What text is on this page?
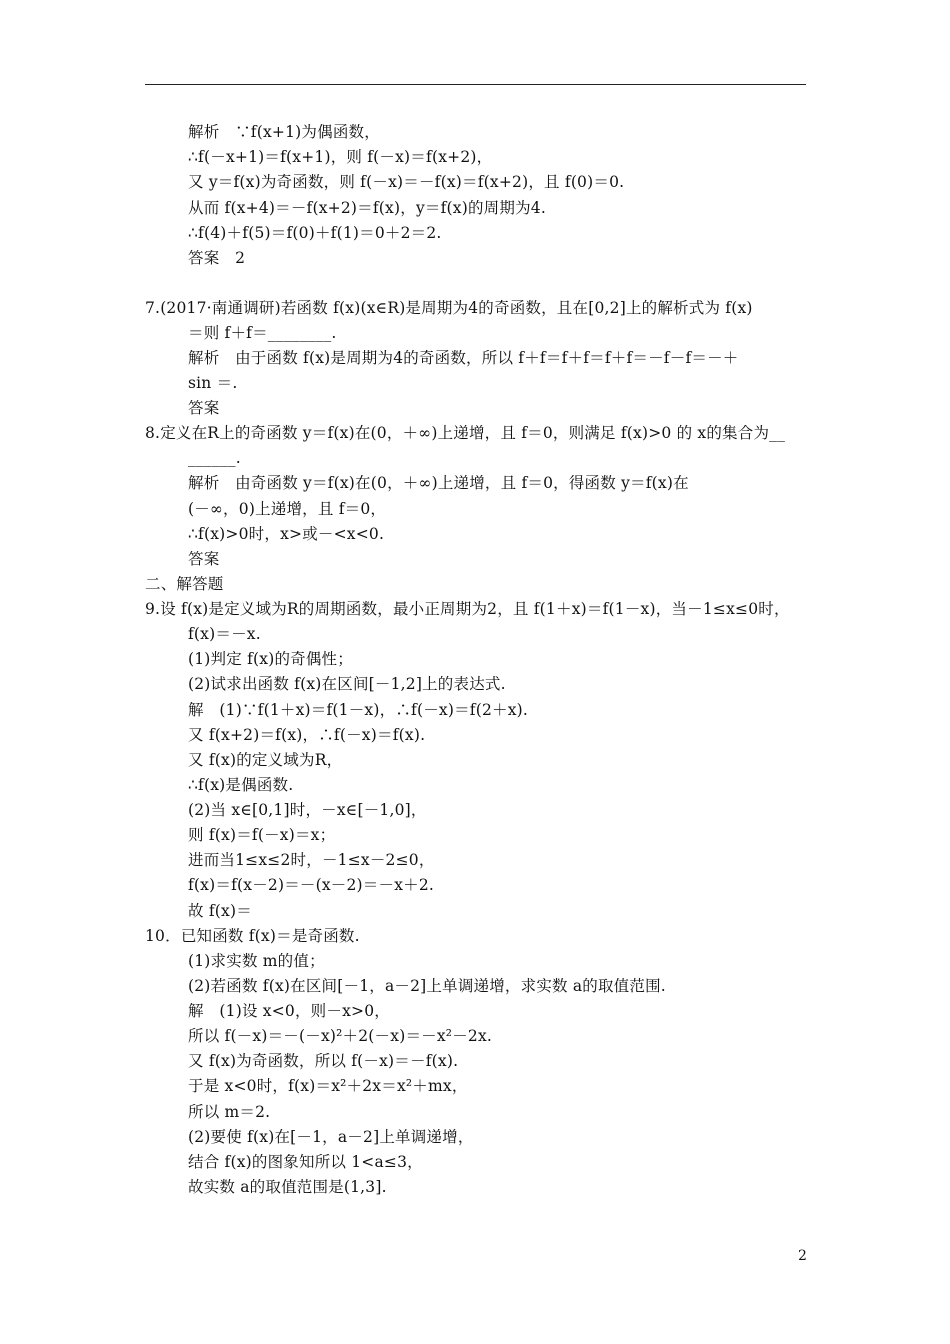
解析　∵f(x+1)为偶函数，
∴f(－x+1)＝f(x+1)，则 f(－x)＝f(x+2)，
又 y＝f(x)为奇函数，则 f(－x)＝－f(x)＝f(x+2)，且 f(0)＝0.
从而 f(x+4)＝－f(x+2)＝f(x)，y＝f(x)的周期为4.
∴f(4)＋f(5)＝f(0)＋f(1)＝0＋2＝2.
答案　2
7.(2017·南通调研)若函数 f(x)(x∈R)是周期为4的奇函数，且在[0,2]上的解析式为 f(x)
＝则 f＋f＝________.
解析　由于函数 f(x)是周期为4的奇函数，所以 f＋f＝f＋f＝f＋f＝－f－f＝－＋
sin ＝.
答案
8.定义在R上的奇函数 y＝f(x)在(0，＋∞)上递增，且 f＝0，则满足 f(x)>0 的 x的集合为__
______.
解析　由奇函数 y＝f(x)在(0，＋∞)上递增，且 f＝0，得函数 y＝f(x)在
(－∞，0)上递增，且 f＝0，
∴f(x)>0时，x>或－<x<0.
答案
二、解答题
9.设 f(x)是定义域为R的周期函数，最小正周期为2，且 f(1＋x)＝f(1－x)，当－1≤x≤0时，
f(x)＝－x.
(1)判定 f(x)的奇偶性；
(2)试求出函数 f(x)在区间[－1,2]上的表达式.
解　(1)∵f(1＋x)＝f(1－x)，∴f(－x)＝f(2＋x).
又 f(x+2)＝f(x)，∴f(－x)＝f(x).
又 f(x)的定义域为R，
∴f(x)是偶函数.
(2)当 x∈[0,1]时，－x∈[－1,0]，
则 f(x)＝f(－x)＝x；
进而当1≤x≤2时，－1≤x－2≤0，
f(x)＝f(x－2)＝－(x－2)＝－x＋2.
故 f(x)＝
10．已知函数 f(x)＝是奇函数.
(1)求实数 m的值；
(2)若函数 f(x)在区间[－1，a－2]上单调递增，求实数 a的取值范围.
解　(1)设 x<0，则－x>0，
所以 f(－x)＝－(－x)²＋2(－x)＝－x²－2x.
又 f(x)为奇函数，所以 f(－x)＝－f(x).
于是 x<0时，f(x)＝x²＋2x＝x²＋mx，
所以 m＝2.
(2)要使 f(x)在[－1，a－2]上单调递增，
结合 f(x)的图象知所以 1<a≤3，
故实数 a的取值范围是(1,3].
2
